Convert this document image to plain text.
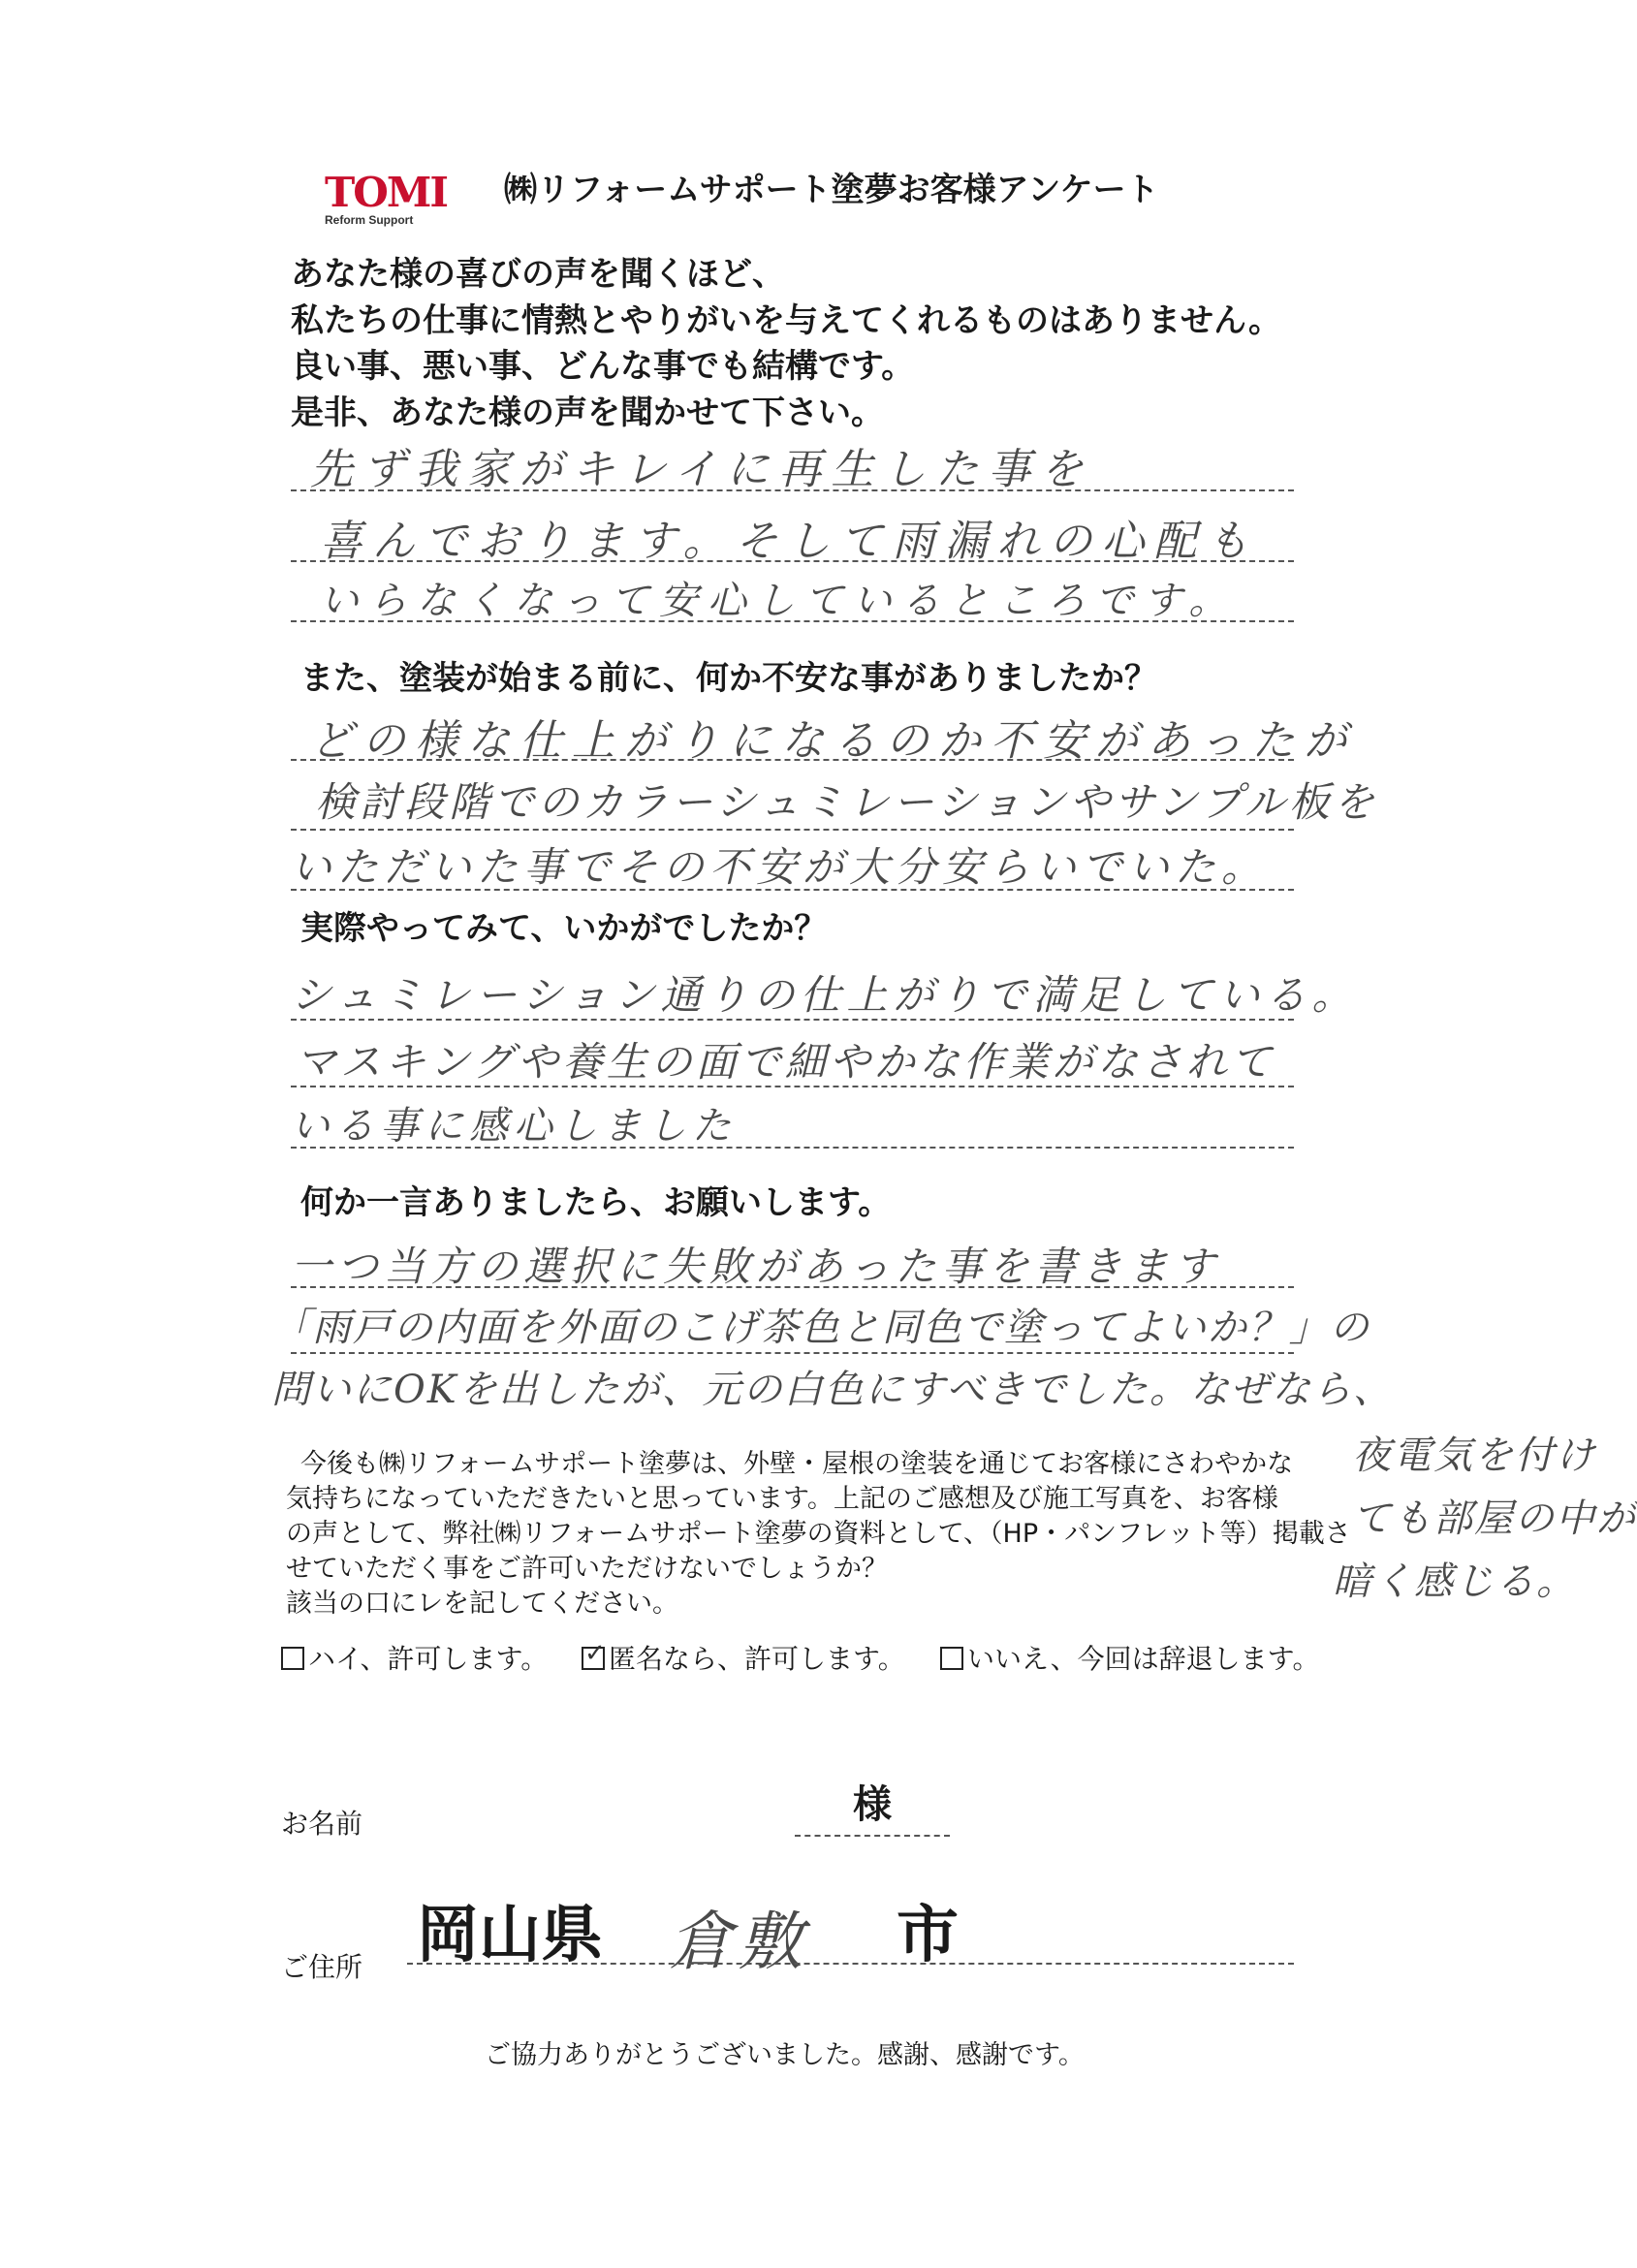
TOMI
Reform Support
㈱リフォームサポート塗夢お客様アンケート
あなた様の喜びの声を聞くほど、
私たちの仕事に情熱とやりがいを与えてくれるものはありません。
良い事、悪い事、どんな事でも結構です。
是非、あなた様の声を聞かせて下さい。
先ず我家がキレイに再生した事を
喜んでおります。そして雨漏れの心配も
いらなくなって安心しているところです。
また、塗装が始まる前に、何か不安な事がありましたか？
どの様な仕上がりになるのか不安があったが
検討段階でのカラーシュミレーションやサンプル板を
いただいた事でその不安が大分安らいでいた。
実際やってみて、いかがでしたか？
シュミレーション通りの仕上がりで満足している。
マスキングや養生の面で細やかな作業がなされて
いる事に感心しました
何か一言ありましたら、お願いします。
一つ当方の選択に失敗があった事を書きます
「雨戸の内面を外面のこげ茶色と同色で塗ってよいか？」の
問いにOKを出したが、元の白色にすべきでした。なぜなら、
夜電気を付け
ても部屋の中が
暗く感じる。
今後も㈱リフォームサポート塗夢は、外壁・屋根の塗装を通じてお客様にさわやかな
気持ちになっていただきたいと思っています。上記のご感想及び施工写真を、お客様
の声として、弊社㈱リフォームサポート塗夢の資料として、（HP・パンフレット等）掲載さ
せていただく事をご許可いただけないでしょうか？
該当の口にレを記してください。
ハイ、許可します。
✓	匿名なら、許可します。	いいえ、今回は辞退します。
お名前	様
ご住所 岡山県 倉敷 市
ご協力ありがとうございました。感謝、感謝です。
